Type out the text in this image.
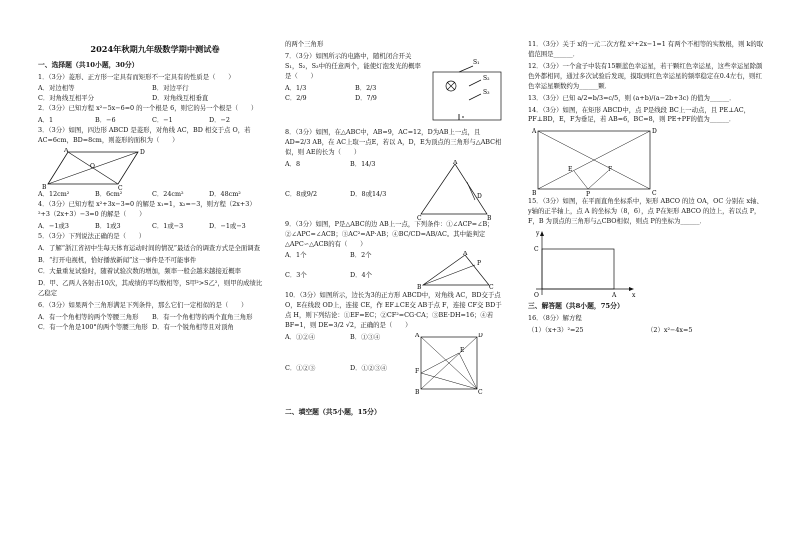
2024年秋期九年级数学期中测试卷
一、选择题（共10小题，30分）
1．（3分）菱形、正方形一定具有而矩形不一定具有的性质是（　　）
A．对边相等	B．对边平行
C．对角线互相平分	D．对角线互相垂直
2．（3分）已知方程 x²−5x−6=0 的一个根是 6，则它的另一个根是（　　）
A．1	B．−6	C．−1	D．−2
3．（3分）如图，四边形 ABCD 是菱形，对角线 AC，BD 相交于点 O，若 AC=6cm，BD=8cm，则菱形的面积为（　　）
B
A	D
C
O
A．12cm²	B．6cm²	C．24cm²	D．48cm²
4．（3分）已知方程 x²+3x−3=0 的解是 x₁=1，x₂=−3，则方程（2x+3）²+3（2x+3）−3=0 的解是（　　）
A．−1或3	B．1或3	C．1或−3	D．−1或−3
5．（3分）下列说法正确的是（　　）
A．了解“浙江省初中生每天体育运动时间的情况”最适合的调查方式是全面调查
B．“打开电视机，恰好播放新闻”这一事件是不可能事件
C．大量重复试验时，随着试验次数的增加，频率一般会越来越接近概率
D．甲、乙两人各射击10次，其成绩的平均数相等，S甲²>S乙²，则甲的成绩比乙稳定
6．（3分）如果两个三角形满足下列条件，那么它们一定相似的是（　　）
A．有一个角相等的两个等腰三角形	B．有一个角相等的两个直角三角形
C．有一个角是100°的两个等腰三角形 D．有一个锐角相等且对顶角
的两个三角形
7．（3分）如图所示的电路中，随机闭合开关 S₁，S₂，S₃中的任意两个，能使灯泡发光的概率是（　　）
A．1/3	B．2/3
C．2/9	D．7/9
S₁
S₂
S₃
8．（3分）如图，在△ABC中，AB=9，AC=12，D为AB上一点，且 AD=2/3 AB，在 AC上取一点E，若以 A，D，E为顶点的三角形与△ABC相似，则 AE的长为（　　）
A．8	B．14/3
C．8或9/2	D．8或14/3
A
C	B
D
9．（3分）如图，P是△ABC的边 AB上一点，下列条件：①∠ACP=∠B；②∠APC=∠ACB；③AC²=AP·AB；④BC/CD=AB/AC。其中能判定△APC∽△ACB的有（　　）
A．1个	B．2个
C．3个	D．4个
A
B	C
P
10．（3分）如图所示，边长为3的正方形 ABCD中，对角线 AC，BD交于点 O，E在线段 OD上，连接 CE，作 EF⊥CE交 AB于点 F，连接 CF交 BD于点 H，则下列结论：①EF=EC；②CF²=CG·CA；③BE·DH=16；④若 BF=1，则 DE=3/2 √2，正确的是（　　）
A．①②④	B．①③④
C．①②③	D．①②③④
A	D
B	C
F
E
二、填空题（共5小题，15分）
11．（3分）关于 x的一元二次方程 x²+2x−1=1 有两个不相等的实数根，则 k的取值范围是______．
12．（3分）一个盒子中装有15颗蓝色幸运星，若干颗红色幸运星，这些幸运星除颜色外都相同，通过多次试验后发现，摸取到红色幸运星的频率稳定在0.4左右，则红色幸运星颗数约为______颗．
13．（3分）已知 a/2=b/3=c/5，则 (a+b)/(a−2b+3c) 的值为______．
14．（3分）如图，在矩形 ABCD中，点 P是线段 BC上一动点，且 PE⊥AC，PF⊥BD，E，F为垂足，若 AB=6，BC=8，则 PE+PF的值为______．
A	D
B	C
P
E	F
15．（3分）如图，在平面直角坐标系中，矩形 ABCO 的边 OA，OC 分别在 x轴、y轴的正半轴上，点 A 的坐标为（8，6），点 P在矩形 ABCO 的边上，若以点 P，F，B 为顶点的三角形与△CBO相似，则点 P的坐标为______．
y
x
C
O	A
三、解答题（共8小题，75分）
16．（8分）解方程
（1）（x+3）²=25	（2）x²−4x=5
